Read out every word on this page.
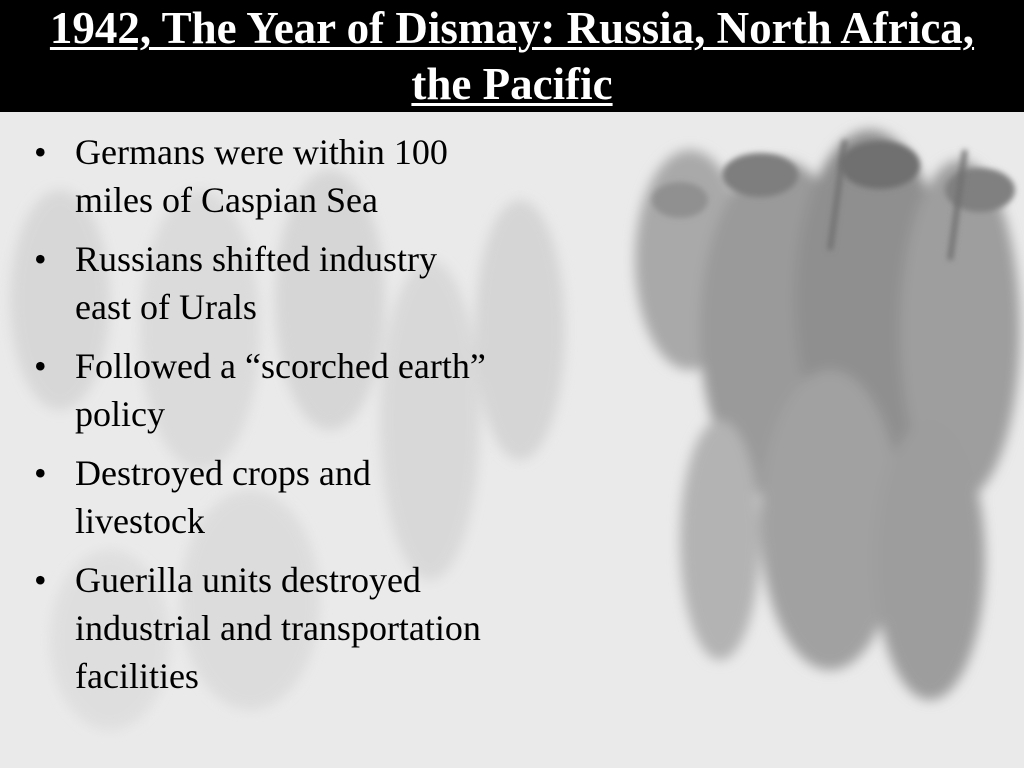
1942, The Year of Dismay: Russia, North Africa, the Pacific
• Germans were within 100
miles of Caspian Sea
• Russians shifted industry
east of Urals
• Followed a “scorched earth”
policy
• Destroyed crops and
livestock
• Guerilla units destroyed
industrial and transportation
facilities
